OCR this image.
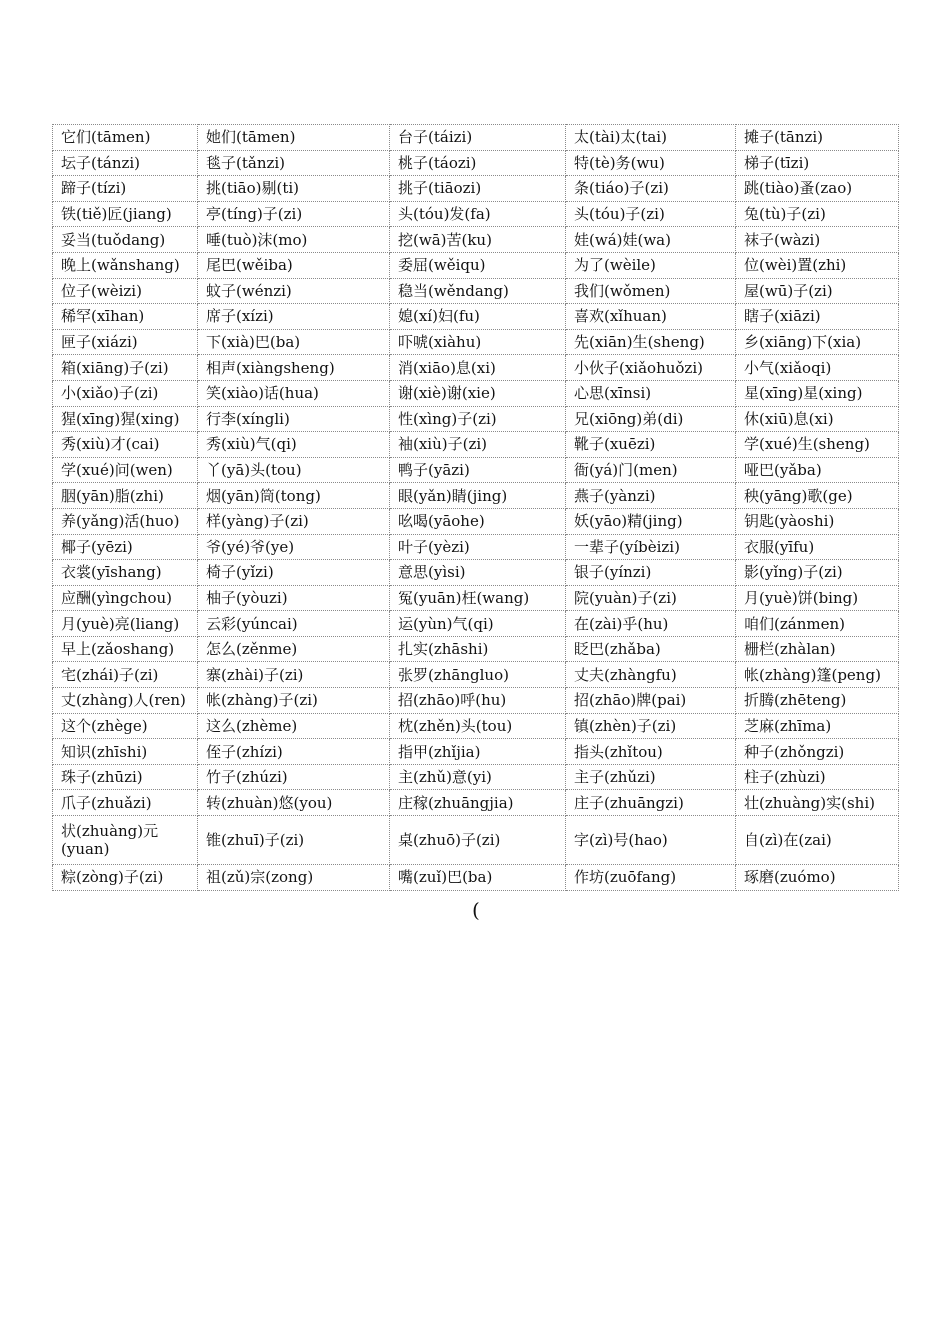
它们(tāmen)	她们(tāmen)	台子(táizi)	太(tài)太(tai)	摊子(tānzi)
坛子(tánzi)	毯子(tǎnzi)	桃子(táozi)	特(tè)务(wu)	梯子(tīzi)
蹄子(tízi)	挑(tiāo)剔(ti)	挑子(tiāozi)	条(tiáo)子(zi)	跳(tiào)蚤(zao)
铁(tiě)匠(jiang)	亭(tíng)子(zi)	头(tóu)发(fa)	头(tóu)子(zi)	兔(tù)子(zi)
妥当(tuǒdang)	唾(tuò)沫(mo)	挖(wā)苦(ku)	娃(wá)娃(wa)	袜子(wàzi)
晚上(wǎnshang)	尾巴(wěiba)	委屈(wěiqu)	为了(wèile)	位(wèi)置(zhi)
位子(wèizi)	蚊子(wénzi)	稳当(wěndang)	我们(wǒmen)	屋(wū)子(zi)
稀罕(xīhan)	席子(xízi)	媳(xí)妇(fu)	喜欢(xǐhuan)	瞎子(xiāzi)
匣子(xiázi)	下(xià)巴(ba)	吓唬(xiàhu)	先(xiān)生(sheng)	乡(xiāng)下(xia)
箱(xiāng)子(zi)	相声(xiàngsheng)	消(xiāo)息(xi)	小伙子(xiǎohuǒzi)	小气(xiǎoqi)
小(xiǎo)子(zi)	笑(xiào)话(hua)	谢(xiè)谢(xie)	心思(xīnsi)	星(xīng)星(xing)
猩(xīng)猩(xing)	行李(xíngli)	性(xìng)子(zi)	兄(xiōng)弟(di)	休(xiū)息(xi)
秀(xiù)才(cai)	秀(xiù)气(qi)	袖(xiù)子(zi)	靴子(xuēzi)	学(xué)生(sheng)
学(xué)问(wen)	丫(yā)头(tou)	鸭子(yāzi)	衙(yá)门(men)	哑巴(yǎba)
胭(yān)脂(zhi)	烟(yān)筒(tong)	眼(yǎn)睛(jing)	燕子(yànzi)	秧(yāng)歌(ge)
养(yǎng)活(huo)	样(yàng)子(zi)	吆喝(yāohe)	妖(yāo)精(jing)	钥匙(yàoshi)
椰子(yēzi)	爷(yé)爷(ye)	叶子(yèzi)	一辈子(yíbèizi)	衣服(yīfu)
衣裳(yīshang)	椅子(yǐzi)	意思(yìsi)	银子(yínzi)	影(yǐng)子(zi)
应酬(yìngchou)	柚子(yòuzi)	冤(yuān)枉(wang)	院(yuàn)子(zi)	月(yuè)饼(bing)
月(yuè)亮(liang)	云彩(yúncai)	运(yùn)气(qi)	在(zài)乎(hu)	咱们(zánmen)
早上(zǎoshang)	怎么(zěnme)	扎实(zhāshi)	眨巴(zhǎba)	栅栏(zhàlan)
宅(zhái)子(zi)	寨(zhài)子(zi)	张罗(zhāngluo)	丈夫(zhàngfu)	帐(zhàng)篷(peng)
丈(zhàng)人(ren)	帐(zhàng)子(zi)	招(zhāo)呼(hu)	招(zhāo)牌(pai)	折腾(zhēteng)
这个(zhège)	这么(zhème)	枕(zhěn)头(tou)	镇(zhèn)子(zi)	芝麻(zhīma)
知识(zhīshi)	侄子(zhízi)	指甲(zhǐjia)	指头(zhǐtou)	种子(zhǒngzi)
珠子(zhūzi)	竹子(zhúzi)	主(zhǔ)意(yi)	主子(zhǔzi)	柱子(zhùzi)
爪子(zhuǎzi)	转(zhuàn)悠(you)	庄稼(zhuāngjia)	庄子(zhuāngzi)	壮(zhuàng)实(shi)
状(zhuàng)元(yuan)	锥(zhuī)子(zi)	桌(zhuō)子(zi)	字(zì)号(hao)	自(zì)在(zai)
粽(zòng)子(zi)	祖(zǔ)宗(zong)	嘴(zuǐ)巴(ba)	作坊(zuōfang)	琢磨(zuómo)
(
